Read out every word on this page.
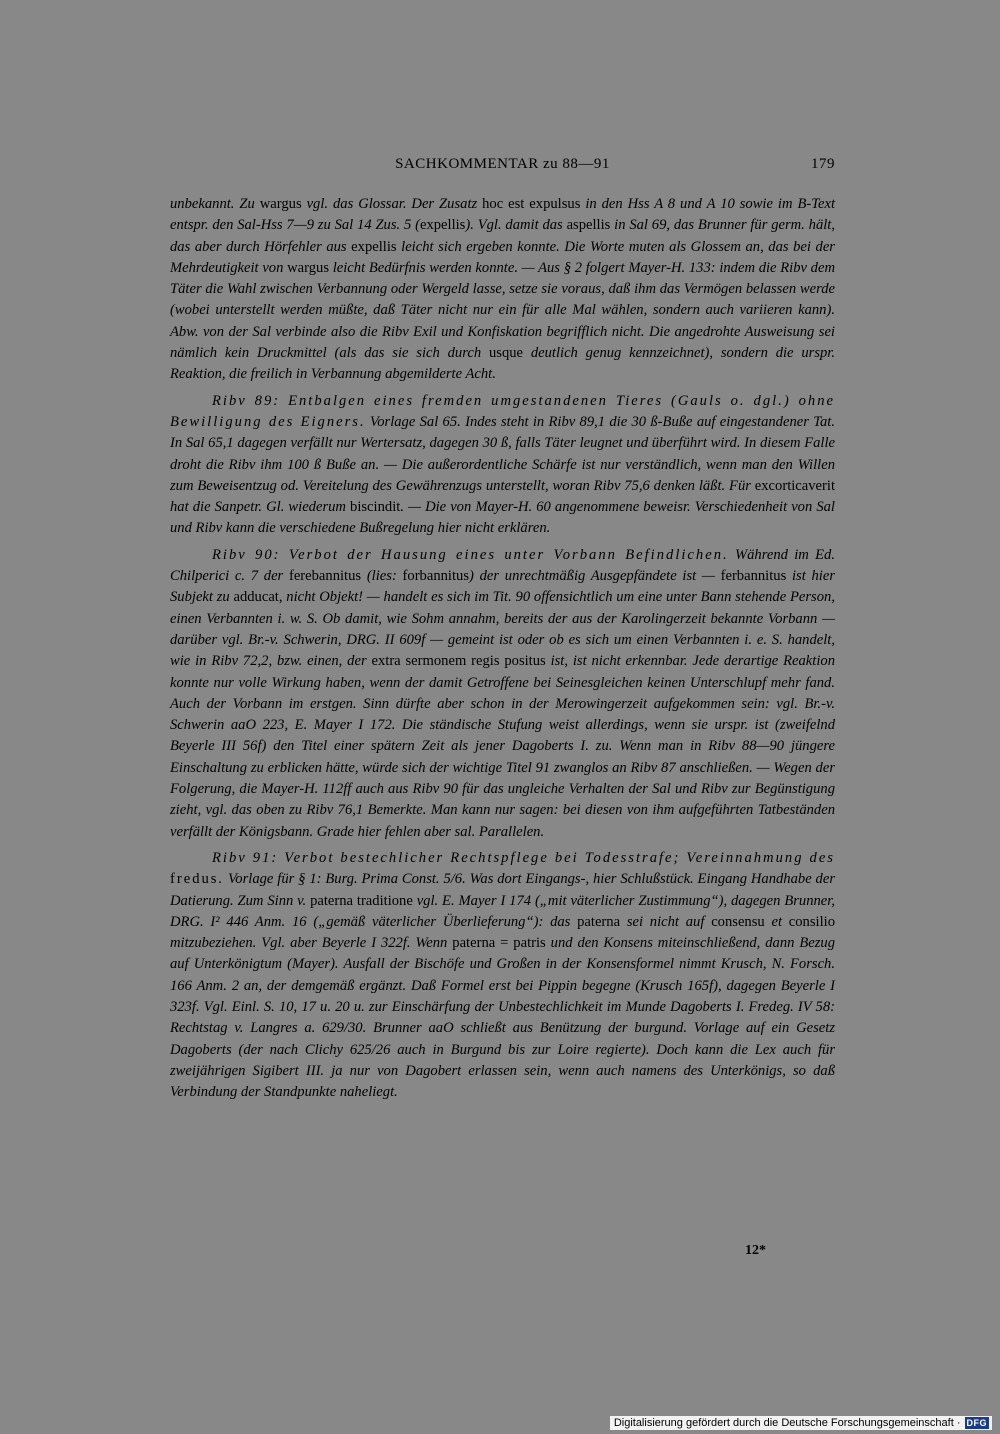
SACHKOMMENTAR zu 88—91	179

unbekannt. Zu wargus vgl. das Glossar. Der Zusatz hoc est expulsus in den Hss A 8 und A 10 sowie im B-Text entspr. den Sal-Hss 7—9 zu Sal 14 Zus. 5 (expellis). Vgl. damit das aspellis in Sal 69, das Brunner für germ. hält, das aber durch Hörfehler aus expellis leicht sich ergeben konnte. Die Worte muten als Glossem an, das bei der Mehrdeutigkeit von wargus leicht Bedürfnis werden konnte. — Aus § 2 folgert Mayer-H. 133: indem die Ribv dem Täter die Wahl zwischen Verbannung oder Wergeld lasse, setze sie voraus, daß ihm das Vermögen belassen werde (wobei unterstellt werden müßte, daß Täter nicht nur ein für alle Mal wählen, sondern auch variieren kann). Abw. von der Sal verbinde also die Ribv Exil und Konfiskation begrifflich nicht. Die angedrohte Ausweisung sei nämlich kein Druckmittel (als das sie sich durch usque deutlich genug kennzeichnet), sondern die urspr. Reaktion, die freilich in Verbannung abgemilderte Acht.

Ribv 89: Entbalgen eines fremden umgestandenen Tieres (Gauls o. dgl.) ohne Bewilligung des Eigners. Vorlage Sal 65. Indes steht in Ribv 89,1 die 30 ß-Buße auf eingestandener Tat. In Sal 65,1 dagegen verfällt nur Wertersatz, dagegen 30 ß, falls Täter leugnet und überführt wird. In diesem Falle droht die Ribv ihm 100 ß Buße an. — Die außerordentliche Schärfe ist nur verständlich, wenn man den Willen zum Beweisentzug od. Vereitelung des Gewährenzugs unterstellt, woran Ribv 75,6 denken läßt. Für excorticaverit hat die Sanpetr. Gl. wiederum biscindit. — Die von Mayer-H. 60 angenommene beweisr. Verschiedenheit von Sal und Ribv kann die verschiedene Bußregelung hier nicht erklären.

Ribv 90: Verbot der Hausung eines unter Vorbann Befindlichen. Während im Ed. Chilperici c. 7 der ferebannitus (lies: forbannitus) der unrechtmäßig Ausgepfändete ist — ferbannitus ist hier Subjekt zu adducat, nicht Objekt! — handelt es sich im Tit. 90 offensichtlich um eine unter Bann stehende Person, einen Verbannten i. w. S. Ob damit, wie Sohm annahm, bereits der aus der Karolingerzeit bekannte Vorbann — darüber vgl. Br.-v. Schwerin, DRG. II 609f — gemeint ist oder ob es sich um einen Verbannten i. e. S. handelt, wie in Ribv 72,2, bzw. einen, der extra sermonem regis positus ist, ist nicht erkennbar. Jede derartige Reaktion konnte nur volle Wirkung haben, wenn der damit Getroffene bei Seinesgleichen keinen Unterschlupf mehr fand. Auch der Vorbann im erstgen. Sinn dürfte aber schon in der Merowingerzeit aufgekommen sein: vgl. Br.-v. Schwerin aaO 223, E. Mayer I 172. Die ständische Stufung weist allerdings, wenn sie urspr. ist (zweifelnd Beyerle III 56f) den Titel einer spätern Zeit als jener Dagoberts I. zu. Wenn man in Ribv 88—90 jüngere Einschaltung zu erblicken hätte, würde sich der wichtige Titel 91 zwanglos an Ribv 87 anschließen. — Wegen der Folgerung, die Mayer-H. 112ff auch aus Ribv 90 für das ungleiche Verhalten der Sal und Ribv zur Begünstigung zieht, vgl. das oben zu Ribv 76,1 Bemerkte. Man kann nur sagen: bei diesen von ihm aufgeführten Tatbeständen verfällt der Königsbann. Grade hier fehlen aber sal. Parallelen.

Ribv 91: Verbot bestechlicher Rechtspflege bei Todesstrafe; Vereinnahmung des fredus. Vorlage für § 1: Burg. Prima Const. 5/6. Was dort Eingangs-, hier Schlußstück. Eingang Handhabe der Datierung. Zum Sinn v. paterna traditione vgl. E. Mayer I 174 („mit väterlicher Zustimmung“), dagegen Brunner, DRG. I² 446 Anm. 16 („gemäß väterlicher Überlieferung“): das paterna sei nicht auf consensu et consilio mitzubeziehen. Vgl. aber Beyerle I 322f. Wenn paterna = patris und den Konsens miteinschließend, dann Bezug auf Unterkönigtum (Mayer). Ausfall der Bischöfe und Großen in der Konsensformel nimmt Krusch, N. Forsch. 166 Anm. 2 an, der demgemäß ergänzt. Daß Formel erst bei Pippin begegne (Krusch 165f), dagegen Beyerle I 323f. Vgl. Einl. S. 10, 17 u. 20 u. zur Einschärfung der Unbestechlichkeit im Munde Dagoberts I. Fredeg. IV 58: Rechtstag v. Langres a. 629/30. Brunner aaO schließt aus Benützung der burgund. Vorlage auf ein Gesetz Dagoberts (der nach Clichy 625/26 auch in Burgund bis zur Loire regierte). Doch kann die Lex auch für zweijährigen Sigibert III. ja nur von Dagobert erlassen sein, wenn auch namens des Unterkönigs, so daß Verbindung der Standpunkte naheliegt.

12*
Digitalisierung gefördert durch die Deutsche Forschungsgemeinschaft · DFG
